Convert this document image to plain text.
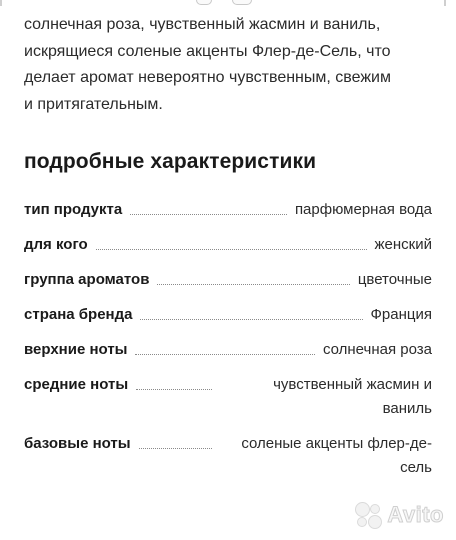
солнечная роза, чувственный жасмин и ваниль,
искрящиеся соленые акценты Флер-де-Сель, что
делает аромат невероятно чувственным, свежим
и притягательным.

подробные характеристики
тип продукта	парфюмерная вода
для кого	женский
группа ароматов	цветочные
страна бренда	Франция
верхние ноты	солнечная роза
средние ноты	чувственный жасмин и ваниль
базовые ноты	соленые акценты флер-де-сель
Avito
